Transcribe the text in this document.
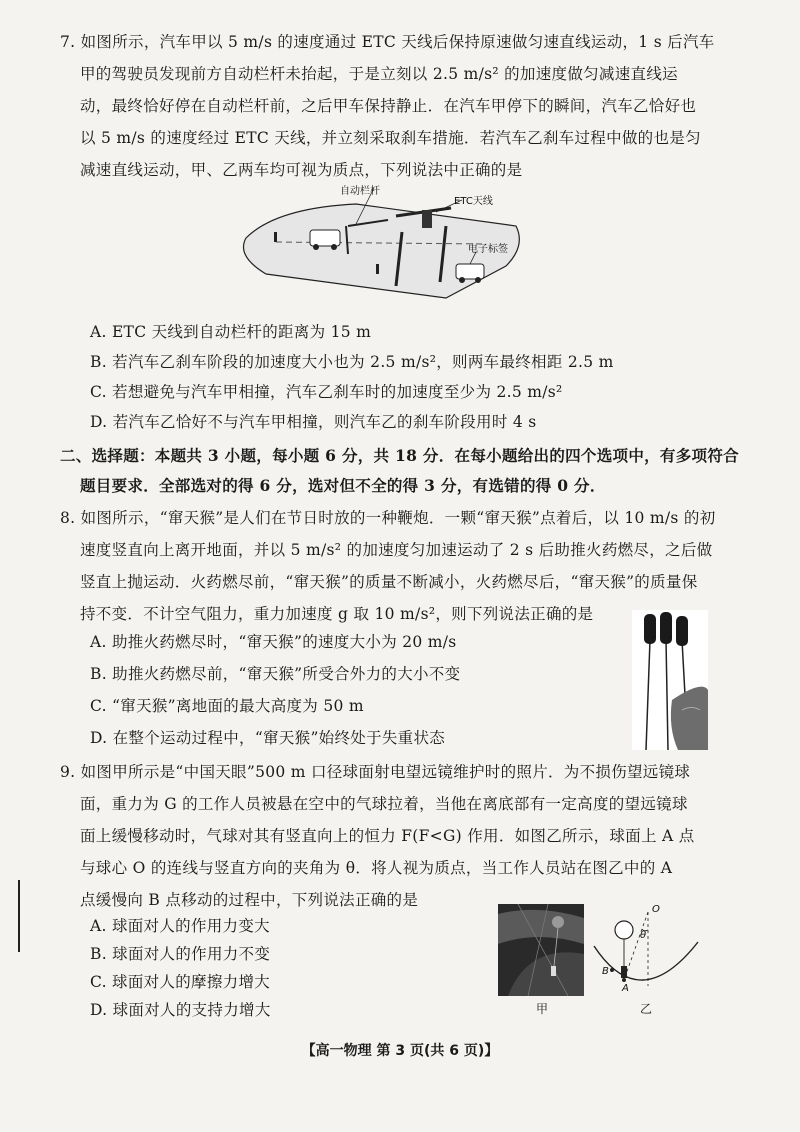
7. 如图所示，汽车甲以 5 m/s 的速度通过 ETC 天线后保持原速做匀速直线运动，1 s 后汽车
甲的驾驶员发现前方自动栏杆未抬起，于是立刻以 2.5 m/s² 的加速度做匀减速直线运
动，最终恰好停在自动栏杆前，之后甲车保持静止．在汽车甲停下的瞬间，汽车乙恰好也
以 5 m/s 的速度经过 ETC 天线，并立刻采取刹车措施．若汽车乙刹车过程中做的也是匀
减速直线运动，甲、乙两车均可视为质点，下列说法中正确的是
自动栏杆
ETC天线
电子标签
A. ETC 天线到自动栏杆的距离为 15 m
B. 若汽车乙刹车阶段的加速度大小也为 2.5 m/s²，则两车最终相距 2.5 m
C. 若想避免与汽车甲相撞，汽车乙刹车时的加速度至少为 2.5 m/s²
D. 若汽车乙恰好不与汽车甲相撞，则汽车乙的刹车阶段用时 4 s
二、选择题：本题共 3 小题，每小题 6 分，共 18 分．在每小题给出的四个选项中，有多项符合
题目要求．全部选对的得 6 分，选对但不全的得 3 分，有选错的得 0 分．
8. 如图所示，“窜天猴”是人们在节日时放的一种鞭炮．一颗“窜天猴”点着后，以 10 m/s 的初
速度竖直向上离开地面，并以 5 m/s² 的加速度匀加速运动了 2 s 后助推火药燃尽，之后做
竖直上抛运动．火药燃尽前，“窜天猴”的质量不断减小，火药燃尽后，“窜天猴”的质量保
持不变．不计空气阻力，重力加速度 g 取 10 m/s²，则下列说法正确的是
A. 助推火药燃尽时，“窜天猴”的速度大小为 20 m/s
B. 助推火药燃尽前，“窜天猴”所受合外力的大小不变
C. “窜天猴”离地面的最大高度为 50 m
D. 在整个运动过程中，“窜天猴”始终处于失重状态
9. 如图甲所示是“中国天眼”500 m 口径球面射电望远镜维护时的照片．为不损伤望远镜球
面，重力为 G 的工作人员被悬在空中的气球拉着，当他在离底部有一定高度的望远镜球
面上缓慢移动时，气球对其有竖直向上的恒力 F(F<G) 作用．如图乙所示，球面上 A 点
与球心 O 的连线与竖直方向的夹角为 θ．将人视为质点，当工作人员站在图乙中的 A
点缓慢向 B 点移动的过程中，下列说法正确的是
A. 球面对人的作用力变大
B. 球面对人的作用力不变
C. 球面对人的摩擦力增大
D. 球面对人的支持力增大	甲
O
θ
A
B
乙
【高一物理 第 3 页(共 6 页)】
